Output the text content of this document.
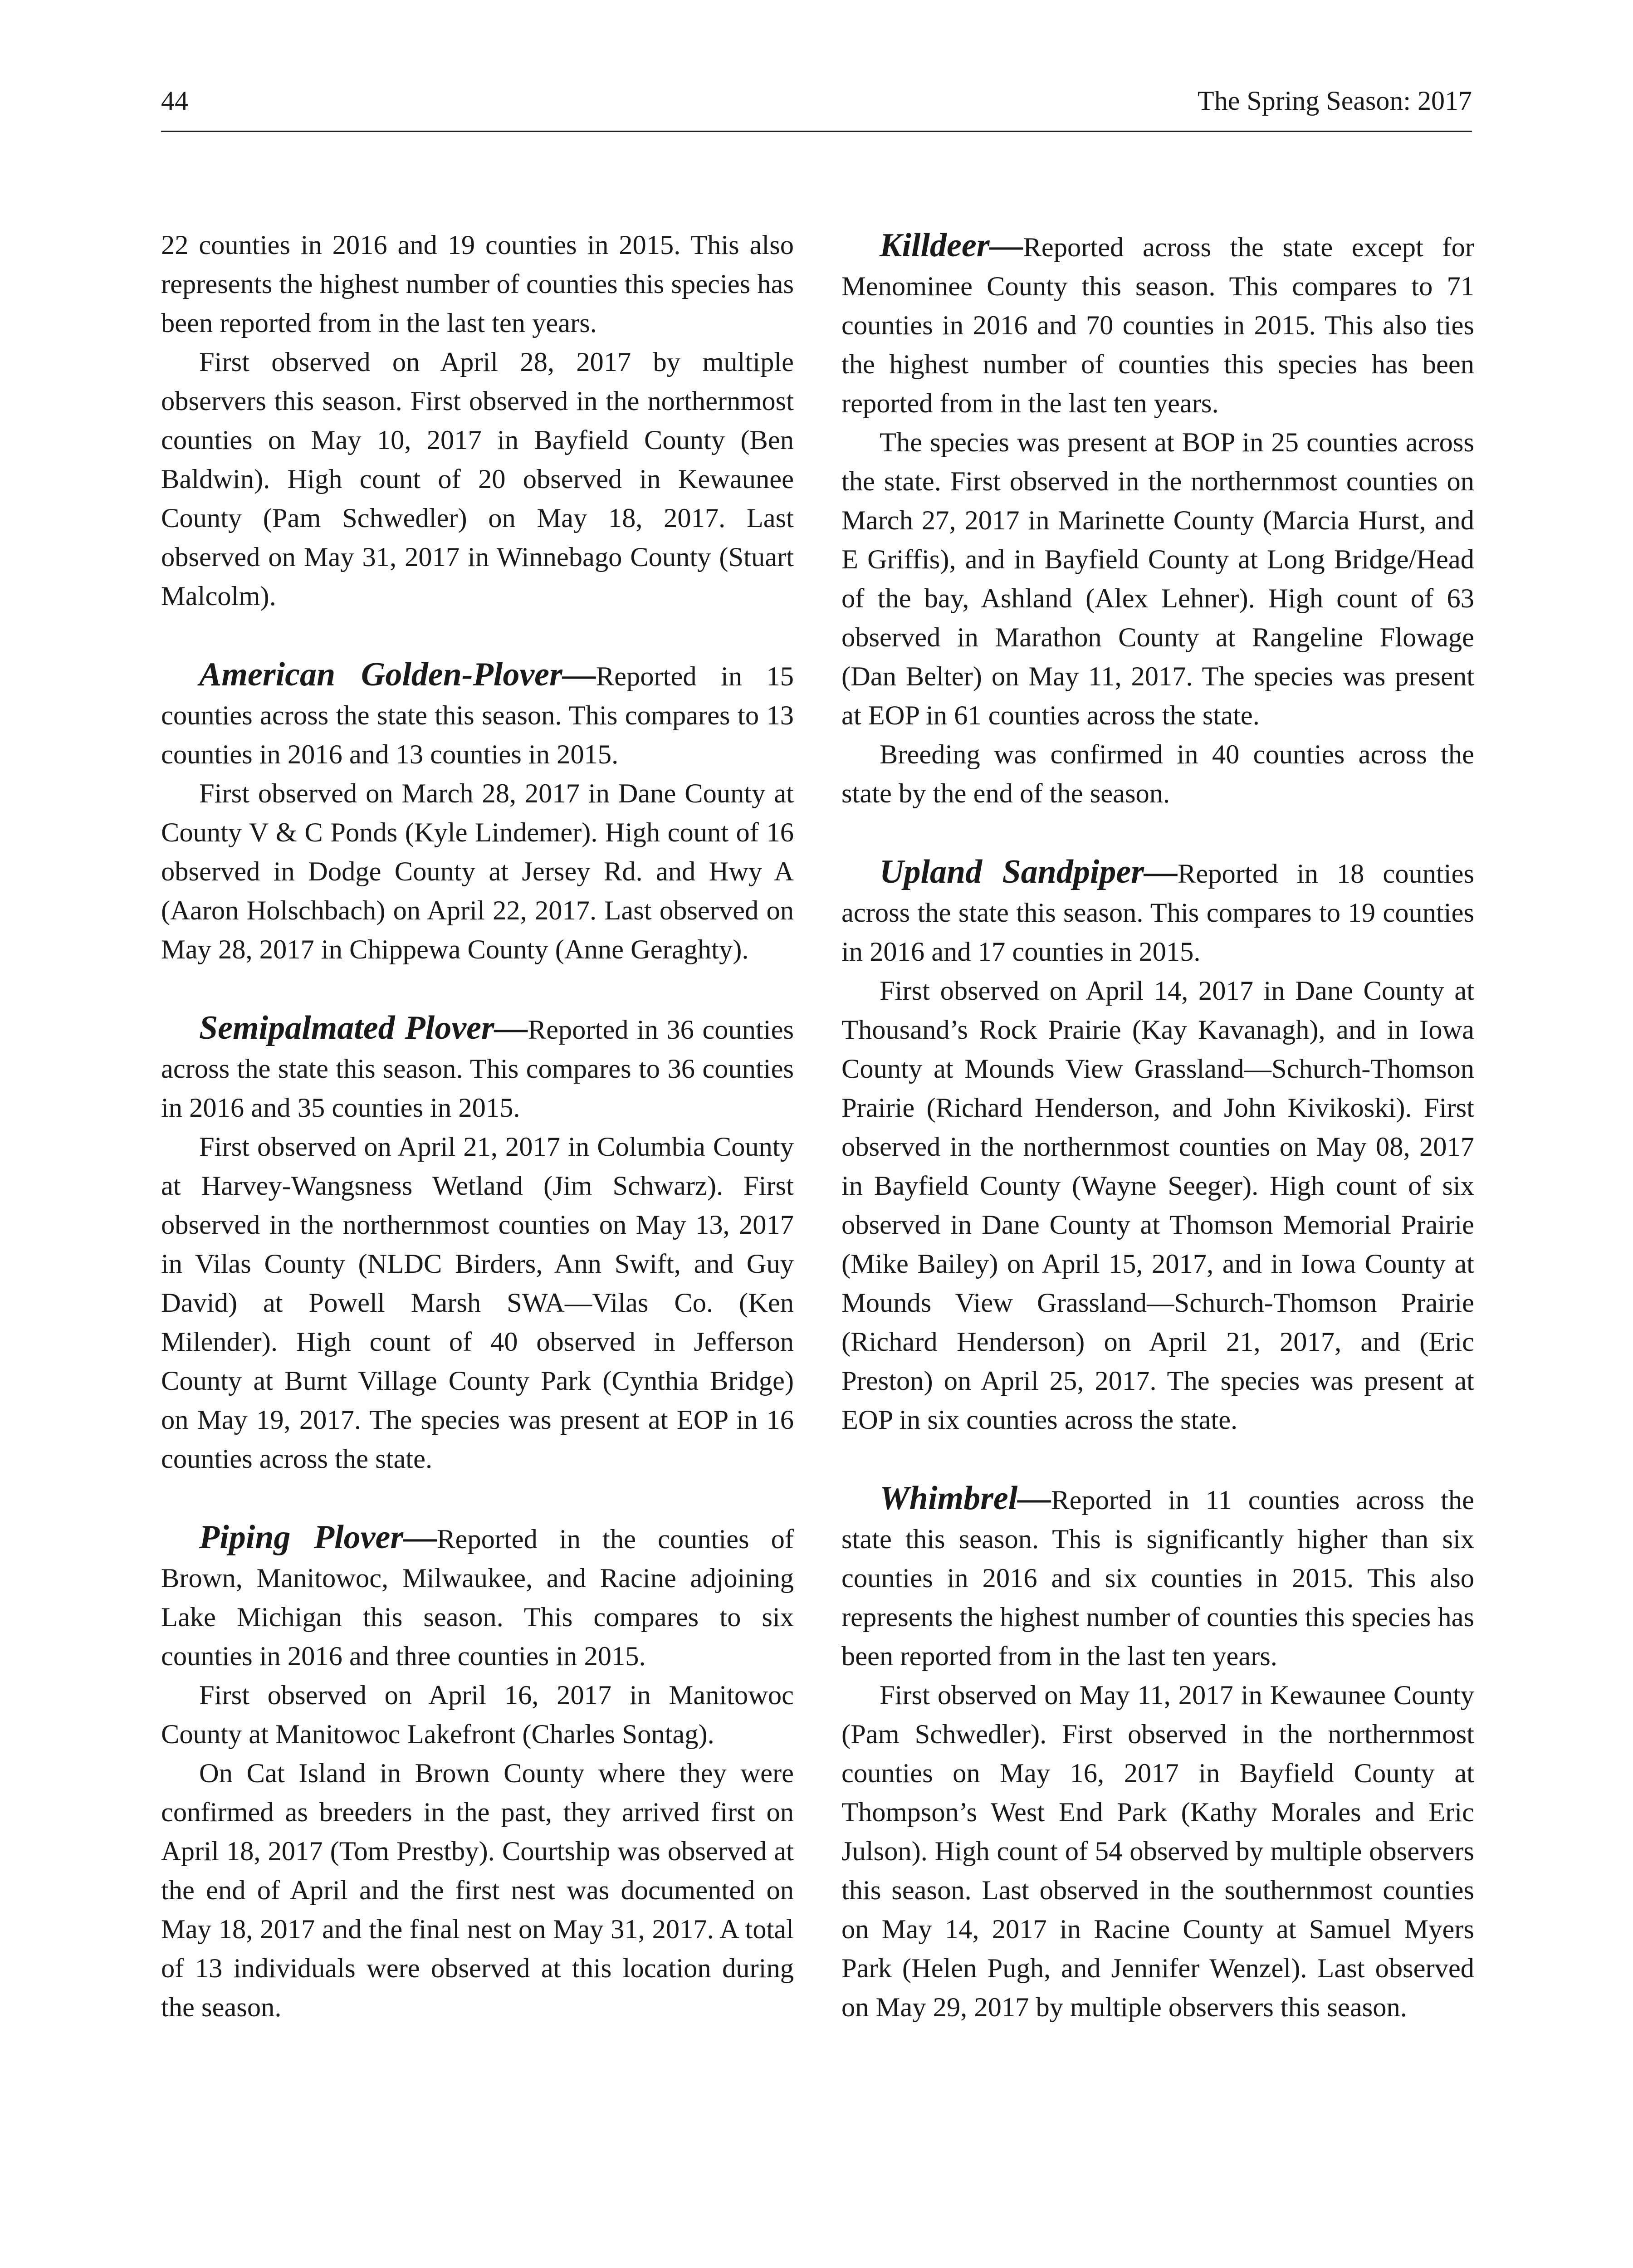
44	The Spring Season: 2017

22 counties in 2016 and 19 counties in 2015. This also represents the highest number of counties this species has been reported from in the last ten years.

First observed on April 28, 2017 by multiple observers this season. First observed in the northernmost counties on May 10, 2017 in Bayfield County (Ben Baldwin). High count of 20 observed in Kewaunee County (Pam Schwedler) on May 18, 2017. Last observed on May 31, 2017 in Winnebago County (Stuart Malcolm).

American Golden-Plover—Reported in 15 counties across the state this season. This compares to 13 counties in 2016 and 13 counties in 2015.

First observed on March 28, 2017 in Dane County at County V & C Ponds (Kyle Lindemer). High count of 16 observed in Dodge County at Jersey Rd. and Hwy A (Aaron Holschbach) on April 22, 2017. Last observed on May 28, 2017 in Chippewa County (Anne Geraghty).

Semipalmated Plover—Reported in 36 counties across the state this season. This compares to 36 counties in 2016 and 35 counties in 2015.

First observed on April 21, 2017 in Columbia County at Harvey-Wangsness Wetland (Jim Schwarz). First observed in the northernmost counties on May 13, 2017 in Vilas County (NLDC Birders, Ann Swift, and Guy David) at Powell Marsh SWA—Vilas Co. (Ken Milender). High count of 40 observed in Jefferson County at Burnt Village County Park (Cynthia Bridge) on May 19, 2017. The species was present at EOP in 16 counties across the state.

Piping Plover—Reported in the counties of Brown, Manitowoc, Milwaukee, and Racine adjoining Lake Michigan this season. This compares to six counties in 2016 and three counties in 2015.

First observed on April 16, 2017 in Manitowoc County at Manitowoc Lakefront (Charles Sontag).

On Cat Island in Brown County where they were confirmed as breeders in the past, they arrived first on April 18, 2017 (Tom Prestby). Courtship was observed at the end of April and the first nest was documented on May 18, 2017 and the final nest on May 31, 2017. A total of 13 individuals were observed at this location during the season.

Killdeer—Reported across the state except for Menominee County this season. This compares to 71 counties in 2016 and 70 counties in 2015. This also ties the highest number of counties this species has been reported from in the last ten years.

The species was present at BOP in 25 counties across the state. First observed in the northernmost counties on March 27, 2017 in Marinette County (Marcia Hurst, and E Griffis), and in Bayfield County at Long Bridge/Head of the bay, Ashland (Alex Lehner). High count of 63 observed in Marathon County at Rangeline Flowage (Dan Belter) on May 11, 2017. The species was present at EOP in 61 counties across the state.

Breeding was confirmed in 40 counties across the state by the end of the season.

Upland Sandpiper—Reported in 18 counties across the state this season. This compares to 19 counties in 2016 and 17 counties in 2015.

First observed on April 14, 2017 in Dane County at Thousand’s Rock Prairie (Kay Kavanagh), and in Iowa County at Mounds View Grassland—Schurch-Thomson Prairie (Richard Henderson, and John Kivikoski). First observed in the northernmost counties on May 08, 2017 in Bayfield County (Wayne Seeger). High count of six observed in Dane County at Thomson Memorial Prairie (Mike Bailey) on April 15, 2017, and in Iowa County at Mounds View Grassland—Schurch-Thomson Prairie (Richard Henderson) on April 21, 2017, and (Eric Preston) on April 25, 2017. The species was present at EOP in six counties across the state.

Whimbrel—Reported in 11 counties across the state this season. This is significantly higher than six counties in 2016 and six counties in 2015. This also represents the highest number of counties this species has been reported from in the last ten years.

First observed on May 11, 2017 in Kewaunee County (Pam Schwedler). First observed in the northernmost counties on May 16, 2017 in Bayfield County at Thompson’s West End Park (Kathy Morales and Eric Julson). High count of 54 observed by multiple observers this season. Last observed in the southernmost counties on May 14, 2017 in Racine County at Samuel Myers Park (Helen Pugh, and Jennifer Wenzel). Last observed on May 29, 2017 by multiple observers this season.
